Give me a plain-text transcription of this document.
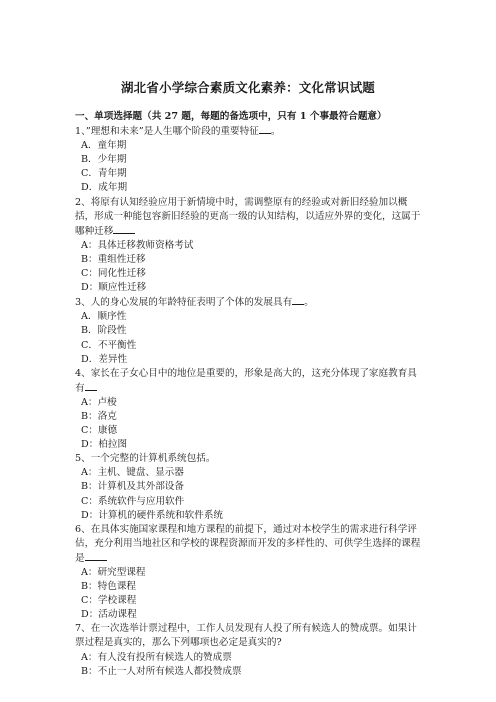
湖北省小学综合素质文化素养：文化常识试题
一、单项选择题（共 27 题，每题的备选项中，只有 1 个事最符合题意）
1、”理想和未来”是人生哪个阶段的重要特征 。
A．童年期
B．少年期
C．青年期
D．成年期
2、将原有认知经验应用于新情境中时，需调整原有的经验或对新旧经验加以概括，形成一种能包容新旧经验的更高一级的认知结构，以适应外界的变化，这属于哪种迁移
A：具体迁移教师资格考试
B：重组性迁移
C：同化性迁移
D：顺应性迁移
3、人的身心发展的年龄特征表明了个体的发展具有 。
A．顺序性
B．阶段性
C．不平衡性
D．差异性
4、家长在子女心目中的地位是重要的，形象是高大的，这充分体现了家庭教育具有
A：卢梭
B：洛克
C：康德
D：柏拉图
5、一个完整的计算机系统包括。
A：主机、键盘、显示器
B：计算机及其外部设备
C：系统软件与应用软件
D：计算机的硬件系统和软件系统
6、在具体实施国家课程和地方课程的前提下，通过对本校学生的需求进行科学评估，充分利用当地社区和学校的课程资源而开发的多样性的、可供学生选择的课程是
A：研究型课程
B：特色课程
C：学校课程
D：活动课程
7、在一次选举计票过程中，工作人员发现有人投了所有候选人的赞成票。如果计票过程是真实的，那么下列哪项也必定是真实的?
A：有人没有投所有候选人的赞成票
B：不止一人对所有候选人都投赞成票
